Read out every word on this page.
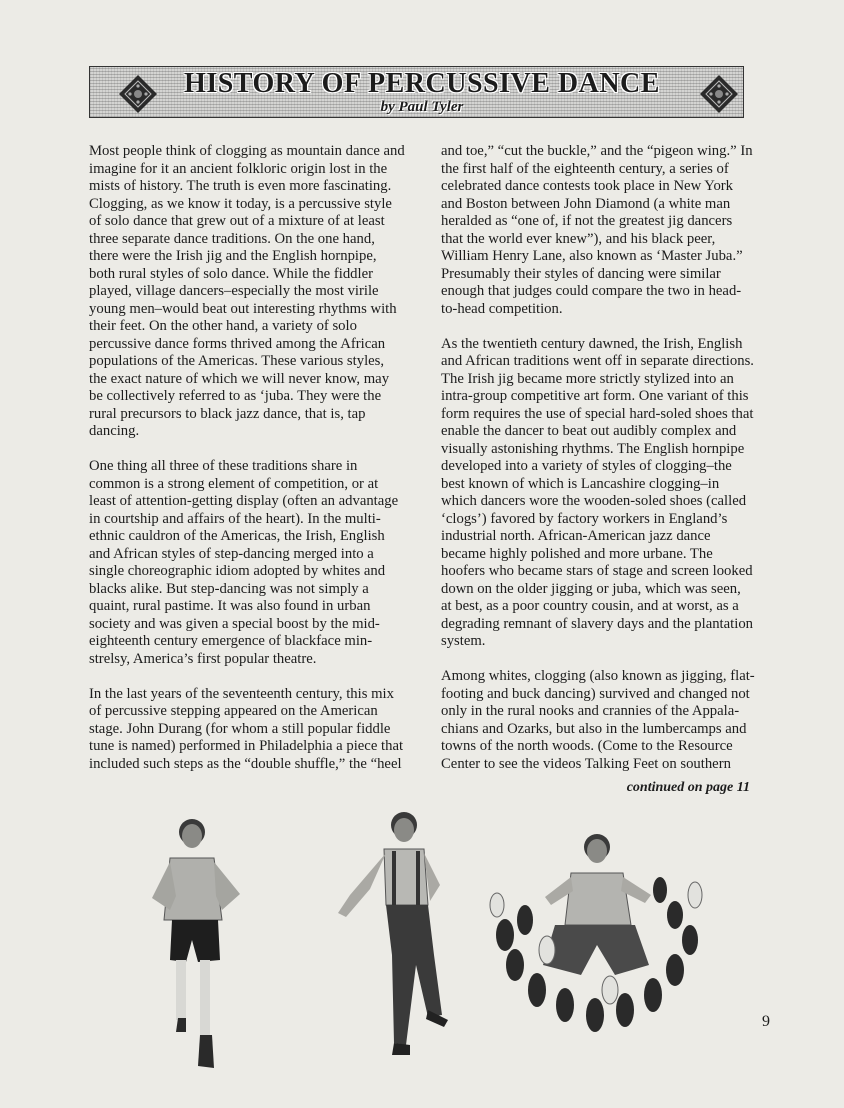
HISTORY OF PERCUSSIVE DANCE
by Paul Tyler

Most people think of clogging as mountain dance and
imagine for it an ancient folkloric origin lost in the
mists of history. The truth is even more fascinating.
Clogging, as we know it today, is a percussive style
of solo dance that grew out of a mixture of at least
three separate dance traditions. On the one hand,
there were the Irish jig and the English hornpipe,
both rural styles of solo dance. While the fiddler
played, village dancers–especially the most virile
young men–would beat out interesting rhythms with
their feet. On the other hand, a variety of solo
percussive dance forms thrived among the African
populations of the Americas. These various styles,
the exact nature of which we will never know, may
be collectively referred to as ‘juba. They were the
rural precursors to black jazz dance, that is, tap
dancing.

One thing all three of these traditions share in
common is a strong element of competition, or at
least of attention-getting display (often an advantage
in courtship and affairs of the heart). In the multi-
ethnic cauldron of the Americas, the Irish, English
and African styles of step-dancing merged into a
single choreographic idiom adopted by whites and
blacks alike. But step-dancing was not simply a
quaint, rural pastime. It was also found in urban
society and was given a special boost by the mid-
eighteenth century emergence of blackface min-
strelsy, America’s first popular theatre.

In the last years of the seventeenth century, this mix
of percussive stepping appeared on the American
stage. John Durang (for whom a still popular fiddle
tune is named) performed in Philadelphia a piece that
included such steps as the “double shuffle,” the “heel

and toe,” “cut the buckle,” and the “pigeon wing.” In
the first half of the eighteenth century, a series of
celebrated dance contests took place in New York
and Boston between John Diamond (a white man
heralded as “one of, if not the greatest jig dancers
that the world ever knew”), and his black peer,
William Henry Lane, also known as ‘Master Juba.”
Presumably their styles of dancing were similar
enough that judges could compare the two in head-
to-head competition.

As the twentieth century dawned, the Irish, English
and African traditions went off in separate directions.
The Irish jig became more strictly stylized into an
intra-group competitive art form. One variant of this
form requires the use of special hard-soled shoes that
enable the dancer to beat out audibly complex and
visually astonishing rhythms. The English hornpipe
developed into a variety of styles of clogging–the
best known of which is Lancashire clogging–in
which dancers wore the wooden-soled shoes (called
‘clogs’) favored by factory workers in England’s
industrial north. African-American jazz dance
became highly polished and more urbane. The
hoofers who became stars of stage and screen looked
down on the older jigging or juba, which was seen,
at best, as a poor country cousin, and at worst, as a
degrading remnant of slavery days and the plantation
system.

Among whites, clogging (also known as jigging, flat-
footing and buck dancing) survived and changed not
only in the rural nooks and crannies of the Appala-
chians and Ozarks, but also in the lumbercamps and
towns of the north woods. (Come to the Resource
Center to see the videos Talking Feet on southern

continued on page 11
9
